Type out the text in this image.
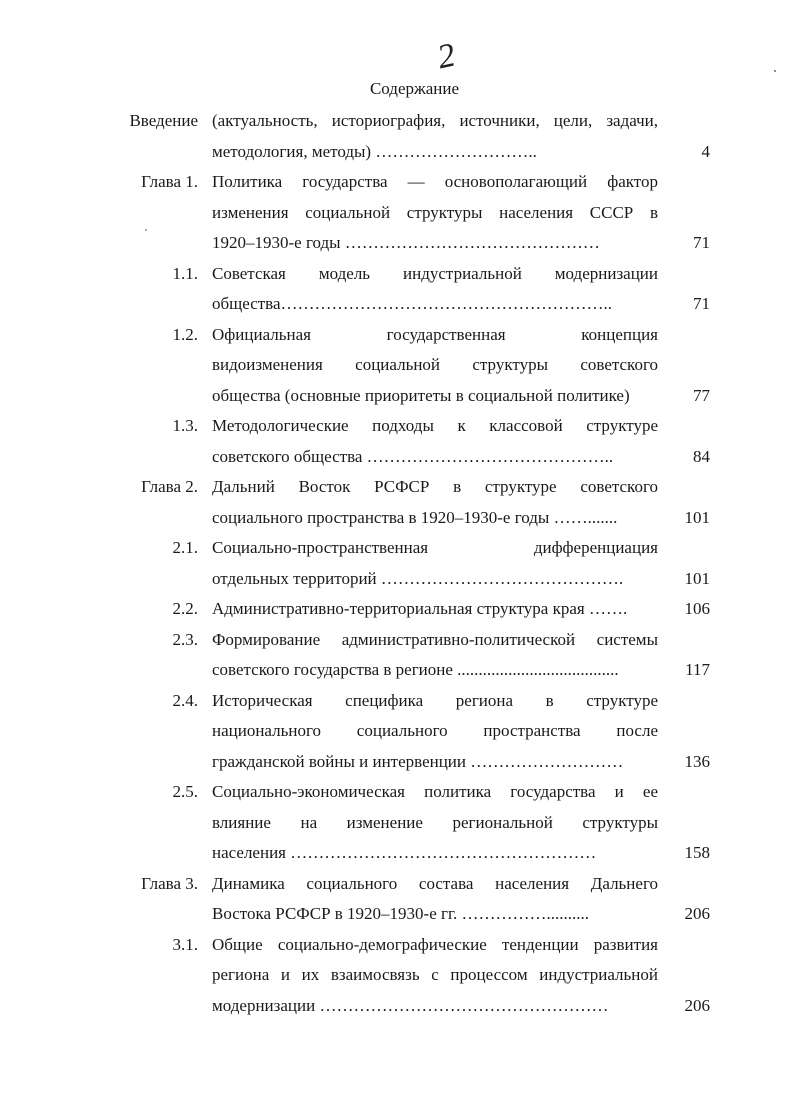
2
Содержание
Введение (актуальность, историография, источники, цели, задачи,
методология, методы) ………………………..	4
Глава 1. Политика государства — основополагающий фактор
изменения социальной структуры населения СССР в
1920–1930-е годы ………………………………………	71
1.1. Советская модель индустриальной модернизации
общества…………………………………………………..	71
1.2. Официальная государственная концепция
видоизменения социальной структуры советского
общества (основные приоритеты в социальной политике)	77
1.3. Методологические подходы к классовой структуре
советского общества ……………………………………..	84
Глава 2. Дальний Восток РСФСР в структуре советского
социального пространства в 1920–1930-е годы …….......	101
2.1. Социально-пространственная дифференциация
отдельных территорий …………………………………….	101
2.2. Административно-территориальная структура края …….	106
2.3. Формирование административно-политической системы
советского государства в регионе ......................................	117
2.4. Историческая специфика региона в структуре
национального социального пространства после
гражданской войны и интервенции ………………………	136
2.5. Социально-экономическая политика государства и ее
влияние на изменение региональной структуры
населения ………………………………………………	158
Глава 3. Динамика социального состава населения Дальнего
Востока РСФСР в 1920–1930-е гг. ……………..........	206
3.1. Общие социально-демографические тенденции развития
региона и их взаимосвязь с процессом индустриальной
модернизации ……………………………………………	206
